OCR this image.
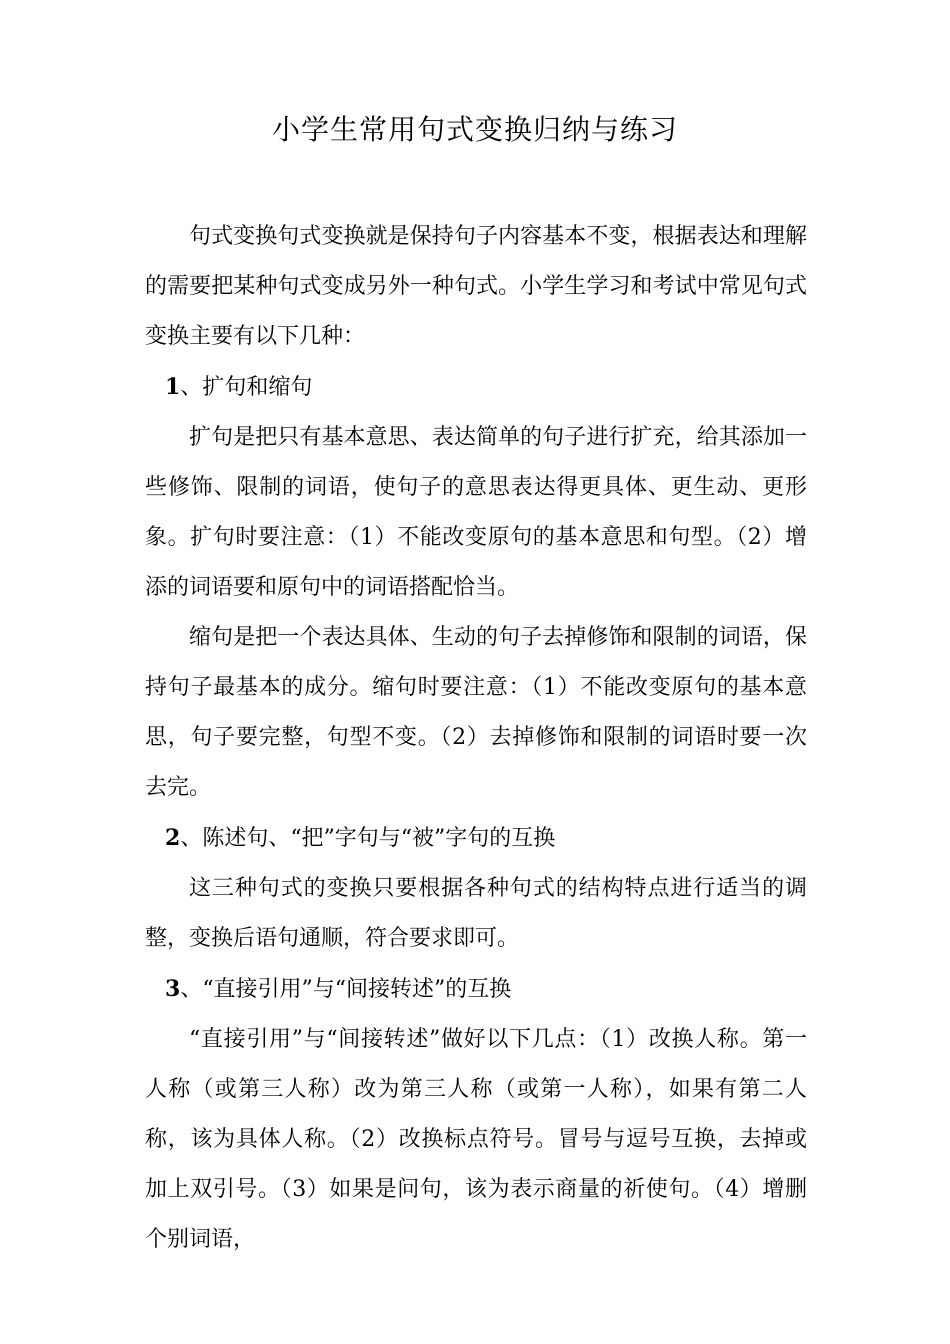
小学生常用句式变换归纳与练习

句式变换句式变换就是保持句子内容基本不变，根据表达和理解的需要把某种句式变成另外一种句式。小学生学习和考试中常见句式变换主要有以下几种：

1、扩句和缩句

扩句是把只有基本意思、表达简单的句子进行扩充，给其添加一些修饰、限制的词语，使句子的意思表达得更具体、更生动、更形象。扩句时要注意：（1）不能改变原句的基本意思和句型。（2）增添的词语要和原句中的词语搭配恰当。

缩句是把一个表达具体、生动的句子去掉修饰和限制的词语，保持句子最基本的成分。缩句时要注意：（1）不能改变原句的基本意思，句子要完整，句型不变。（2）去掉修饰和限制的词语时要一次去完。

2、陈述句、“把”字句与“被”字句的互换

这三种句式的变换只要根据各种句式的结构特点进行适当的调整，变换后语句通顺，符合要求即可。

3、“直接引用”与“间接转述”的互换

“直接引用”与“间接转述”做好以下几点：（1）改换人称。第一人称（或第三人称）改为第三人称（或第一人称），如果有第二人称，该为具体人称。（2）改换标点符号。冒号与逗号互换，去掉或加上双引号。（3）如果是问句，该为表示商量的祈使句。（4）增删个别词语，
